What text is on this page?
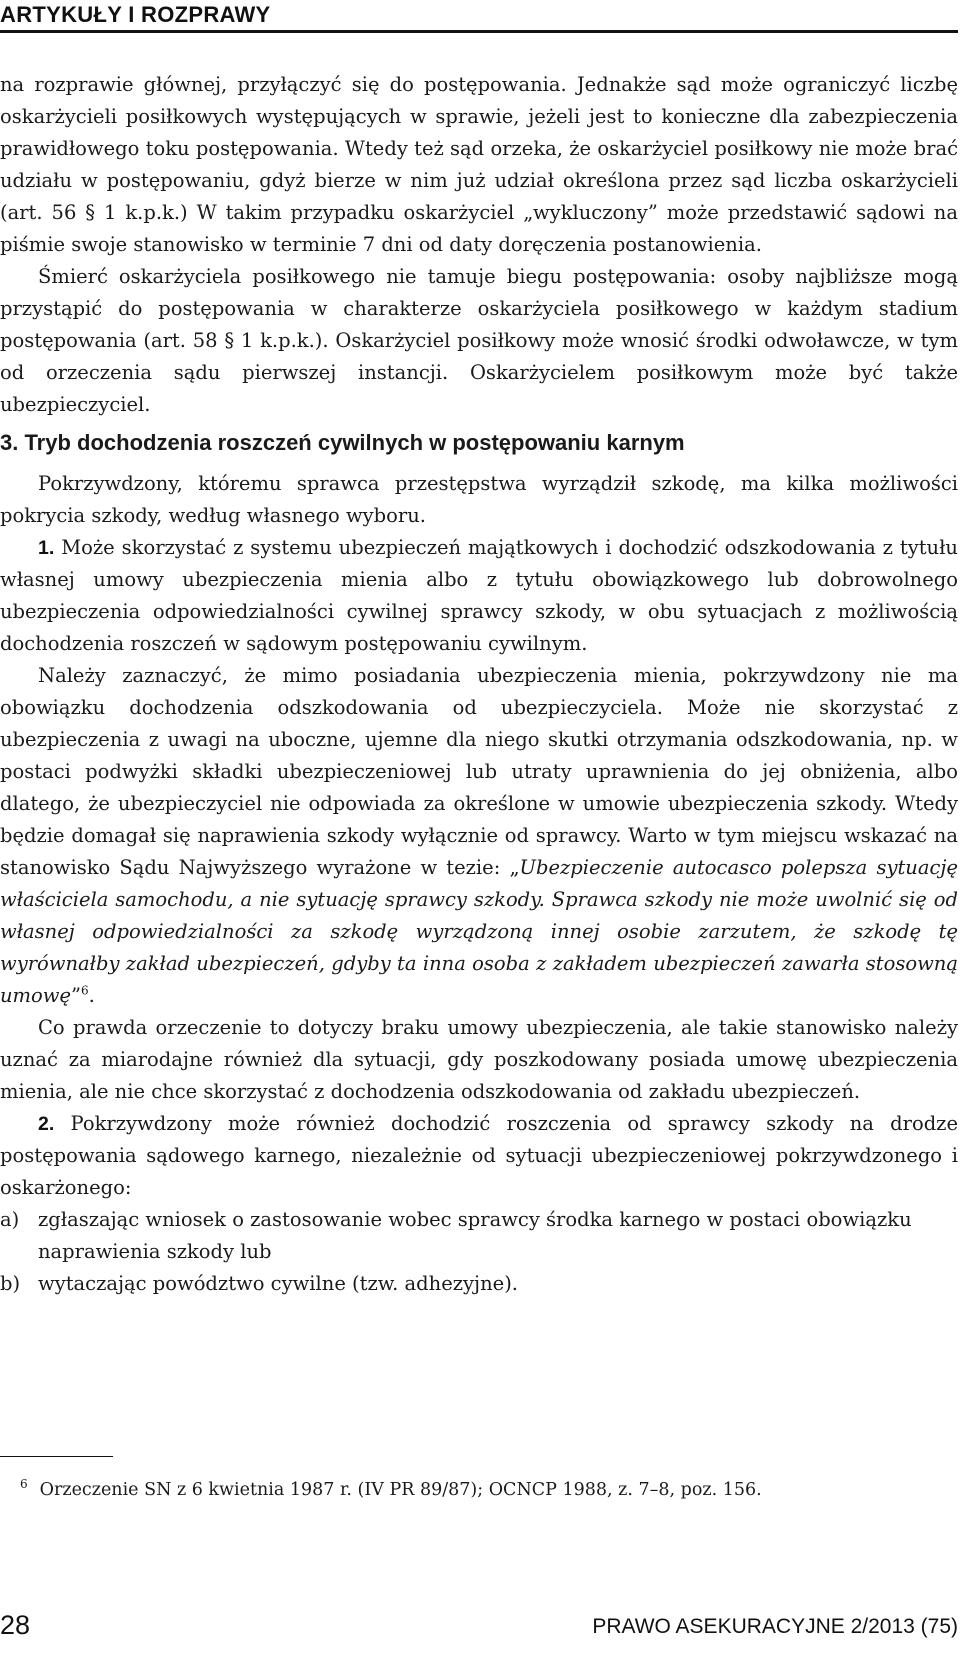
ARTYKUŁY I ROZPRAWY

na rozprawie głównej, przyłączyć się do postępowania. Jednakże sąd może ograniczyć liczbę oskarżycieli posiłkowych występujących w sprawie, jeżeli jest to konieczne dla zabezpieczenia prawidłowego toku postępowania. Wtedy też sąd orzeka, że oskarżyciel posiłkowy nie może brać udziału w postępowaniu, gdyż bierze w nim już udział określona przez sąd liczba oskarżycieli (art. 56 § 1 k.p.k.) W takim przypadku oskarżyciel „wykluczony” może przedstawić sądowi na piśmie swoje stanowisko w terminie 7 dni od daty doręczenia postanowienia.

Śmierć oskarżyciela posiłkowego nie tamuje biegu postępowania: osoby najbliższe mogą przystąpić do postępowania w charakterze oskarżyciela posiłkowego w każdym stadium postępowania (art. 58 § 1 k.p.k.). Oskarżyciel posiłkowy może wnosić środki odwoławcze, w tym od orzeczenia sądu pierwszej instancji. Oskarżycielem posiłkowym może być także ubezpieczyciel.

3. Tryb dochodzenia roszczeń cywilnych w postępowaniu karnym

Pokrzywdzony, któremu sprawca przestępstwa wyrządził szkodę, ma kilka możliwości pokrycia szkody, według własnego wyboru.

1. Może skorzystać z systemu ubezpieczeń majątkowych i dochodzić odszkodowania z tytułu własnej umowy ubezpieczenia mienia albo z tytułu obowiązkowego lub dobrowolnego ubezpieczenia odpowiedzialności cywilnej sprawcy szkody, w obu sytuacjach z możliwością dochodzenia roszczeń w sądowym postępowaniu cywilnym.

Należy zaznaczyć, że mimo posiadania ubezpieczenia mienia, pokrzywdzony nie ma obowiązku dochodzenia odszkodowania od ubezpieczyciela. Może nie skorzystać z ubezpieczenia z uwagi na uboczne, ujemne dla niego skutki otrzymania odszkodowania, np. w postaci podwyżki składki ubezpieczeniowej lub utraty uprawnienia do jej obniżenia, albo dlatego, że ubezpieczyciel nie odpowiada za określone w umowie ubezpieczenia szkody. Wtedy będzie domagał się naprawienia szkody wyłącznie od sprawcy. Warto w tym miejscu wskazać na stanowisko Sądu Najwyższego wyrażone w tezie: „Ubezpieczenie autocasco polepsza sytuację właściciela samochodu, a nie sytuację sprawcy szkody. Sprawca szkody nie może uwolnić się od własnej odpowiedzialności za szkodę wyrządzoną innej osobie zarzutem, że szkodę tę wyrównałby zakład ubezpieczeń, gdyby ta inna osoba z zakładem ubezpieczeń zawarła stosowną umowę”$^6$.

Co prawda orzeczenie to dotyczy braku umowy ubezpieczenia, ale takie stanowisko należy uznać za miarodajne również dla sytuacji, gdy poszkodowany posiada umowę ubezpieczenia mienia, ale nie chce skorzystać z dochodzenia odszkodowania od zakładu ubezpieczeń.

2. Pokrzywdzony może również dochodzić roszczenia od sprawcy szkody na drodze postępowania sądowego karnego, niezależnie od sytuacji ubezpieczeniowej pokrzywdzonego i oskarżonego:

a) zgłaszając wniosek o zastosowanie wobec sprawcy środka karnego w postaci obowiązku naprawienia szkody lub
b) wytaczając powództwo cywilne (tzw. adhezyjne).
$^6$ Orzeczenie SN z 6 kwietnia 1987 r. (IV PR 89/87); OCNCP 1988, z. 7–8, poz. 156.
28	PRAWO ASEKURACYJNE 2/2013 (75)
